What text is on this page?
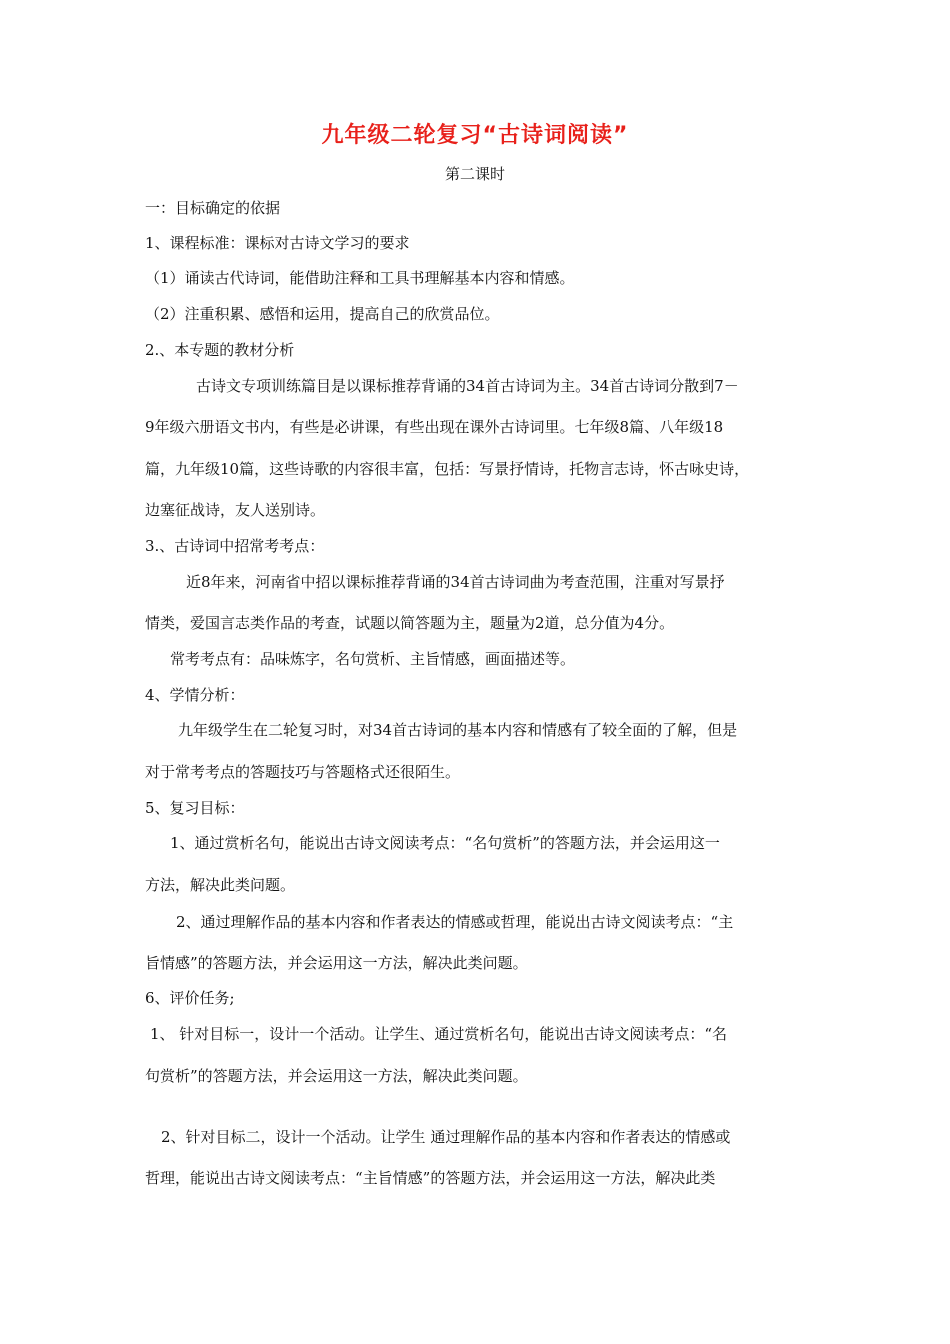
九年级二轮复习“古诗词阅读”
第二课时
一：目标确定的依据
1、课程标准：课标对古诗文学习的要求
（1）诵读古代诗词，能借助注释和工具书理解基本内容和情感。
（2）注重积累、感悟和运用，提高自己的欣赏品位。
2.、本专题的教材分析
古诗文专项训练篇目是以课标推荐背诵的34首古诗词为主。34首古诗词分散到7－
9年级六册语文书内，有些是必讲课，有些出现在课外古诗词里。七年级8篇、八年级18
篇，九年级10篇，这些诗歌的内容很丰富，包括：写景抒情诗，托物言志诗，怀古咏史诗，
边塞征战诗，友人送别诗。
3.、古诗词中招常考考点：
近8年来，河南省中招以课标推荐背诵的34首古诗词曲为考查范围，注重对写景抒
情类，爱国言志类作品的考查，试题以简答题为主，题量为2道，总分值为4分。
常考考点有：品味炼字，名句赏析、主旨情感，画面描述等。
4、学情分析：
九年级学生在二轮复习时，对34首古诗词的基本内容和情感有了较全面的了解，但是
对于常考考点的答题技巧与答题格式还很陌生。
5、复习目标：
1、通过赏析名句，能说出古诗文阅读考点：“名句赏析”的答题方法，并会运用这一
方法，解决此类问题。
2、通过理解作品的基本内容和作者表达的情感或哲理，能说出古诗文阅读考点：“主
旨情感”的答题方法，并会运用这一方法，解决此类问题。
6、评价任务;
1、 针对目标一，设计一个活动。让学生、通过赏析名句，能说出古诗文阅读考点：“名
句赏析”的答题方法，并会运用这一方法，解决此类问题。
2、针对目标二，设计一个活动。让学生 通过理解作品的基本内容和作者表达的情感或
哲理，能说出古诗文阅读考点：“主旨情感”的答题方法，并会运用这一方法，解决此类
